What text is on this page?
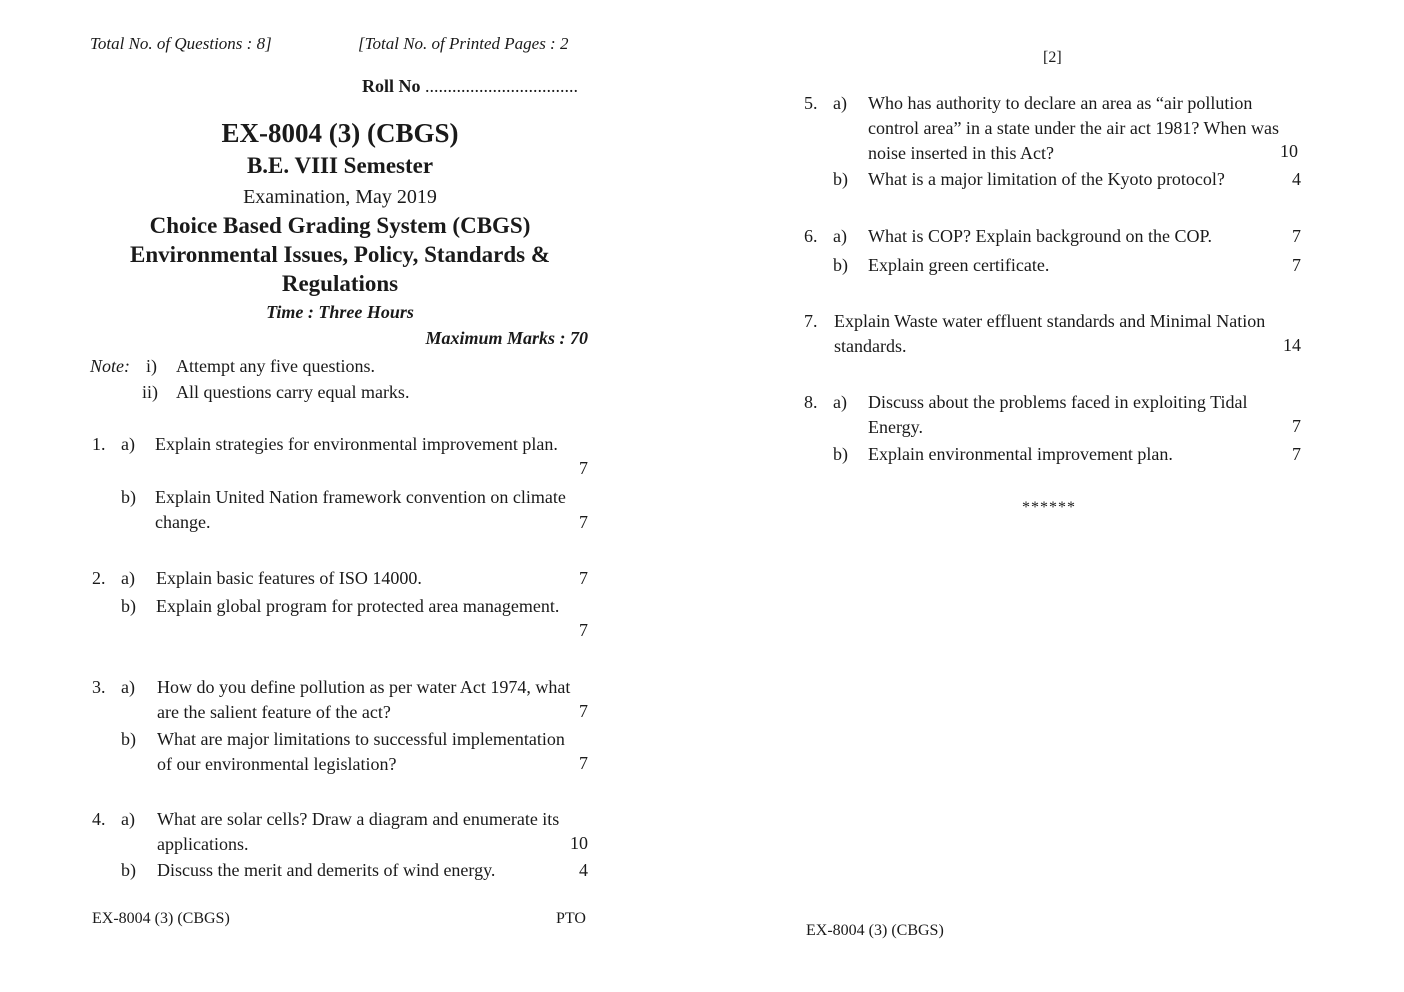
Total No. of Questions : 8]	[Total No. of Printed Pages : 2
Roll No ..................................
EX-8004 (3) (CBGS)
B.E. VIII Semester
Examination, May 2019
Choice Based Grading System (CBGS)
Environmental Issues, Policy, Standards &
Regulations
Time : Three Hours
Maximum Marks : 70
Note: i) Attempt any five questions.
ii) All questions carry equal marks.
1. a) Explain strategies for environmental improvement plan.
7
b) Explain United Nation framework convention on climate
change.	7
2. a) Explain basic features of ISO 14000.	7
b) Explain global program for protected area management.
7
3. a) How do you define pollution as per water Act 1974, what
are the salient feature of the act?	7
b) What are major limitations to successful implementation
of our environmental legislation?	7
4. a) What are solar cells? Draw a diagram and enumerate its
applications.	10
b) Discuss the merit and demerits of wind energy.	4
EX-8004 (3) (CBGS)	PTO
[2]
5. a) Who has authority to declare an area as “air pollution
control area” in a state under the air act 1981? When was
noise inserted in this Act?	10
b) What is a major limitation of the Kyoto protocol?	4
6. a) What is COP? Explain background on the COP.	7
b) Explain green certificate.	7
7. Explain Waste water effluent standards and Minimal Nation
standards.	14
8. a) Discuss about the problems faced in exploiting Tidal
Energy.	7
b) Explain environmental improvement plan.	7
******
EX-8004 (3) (CBGS)
